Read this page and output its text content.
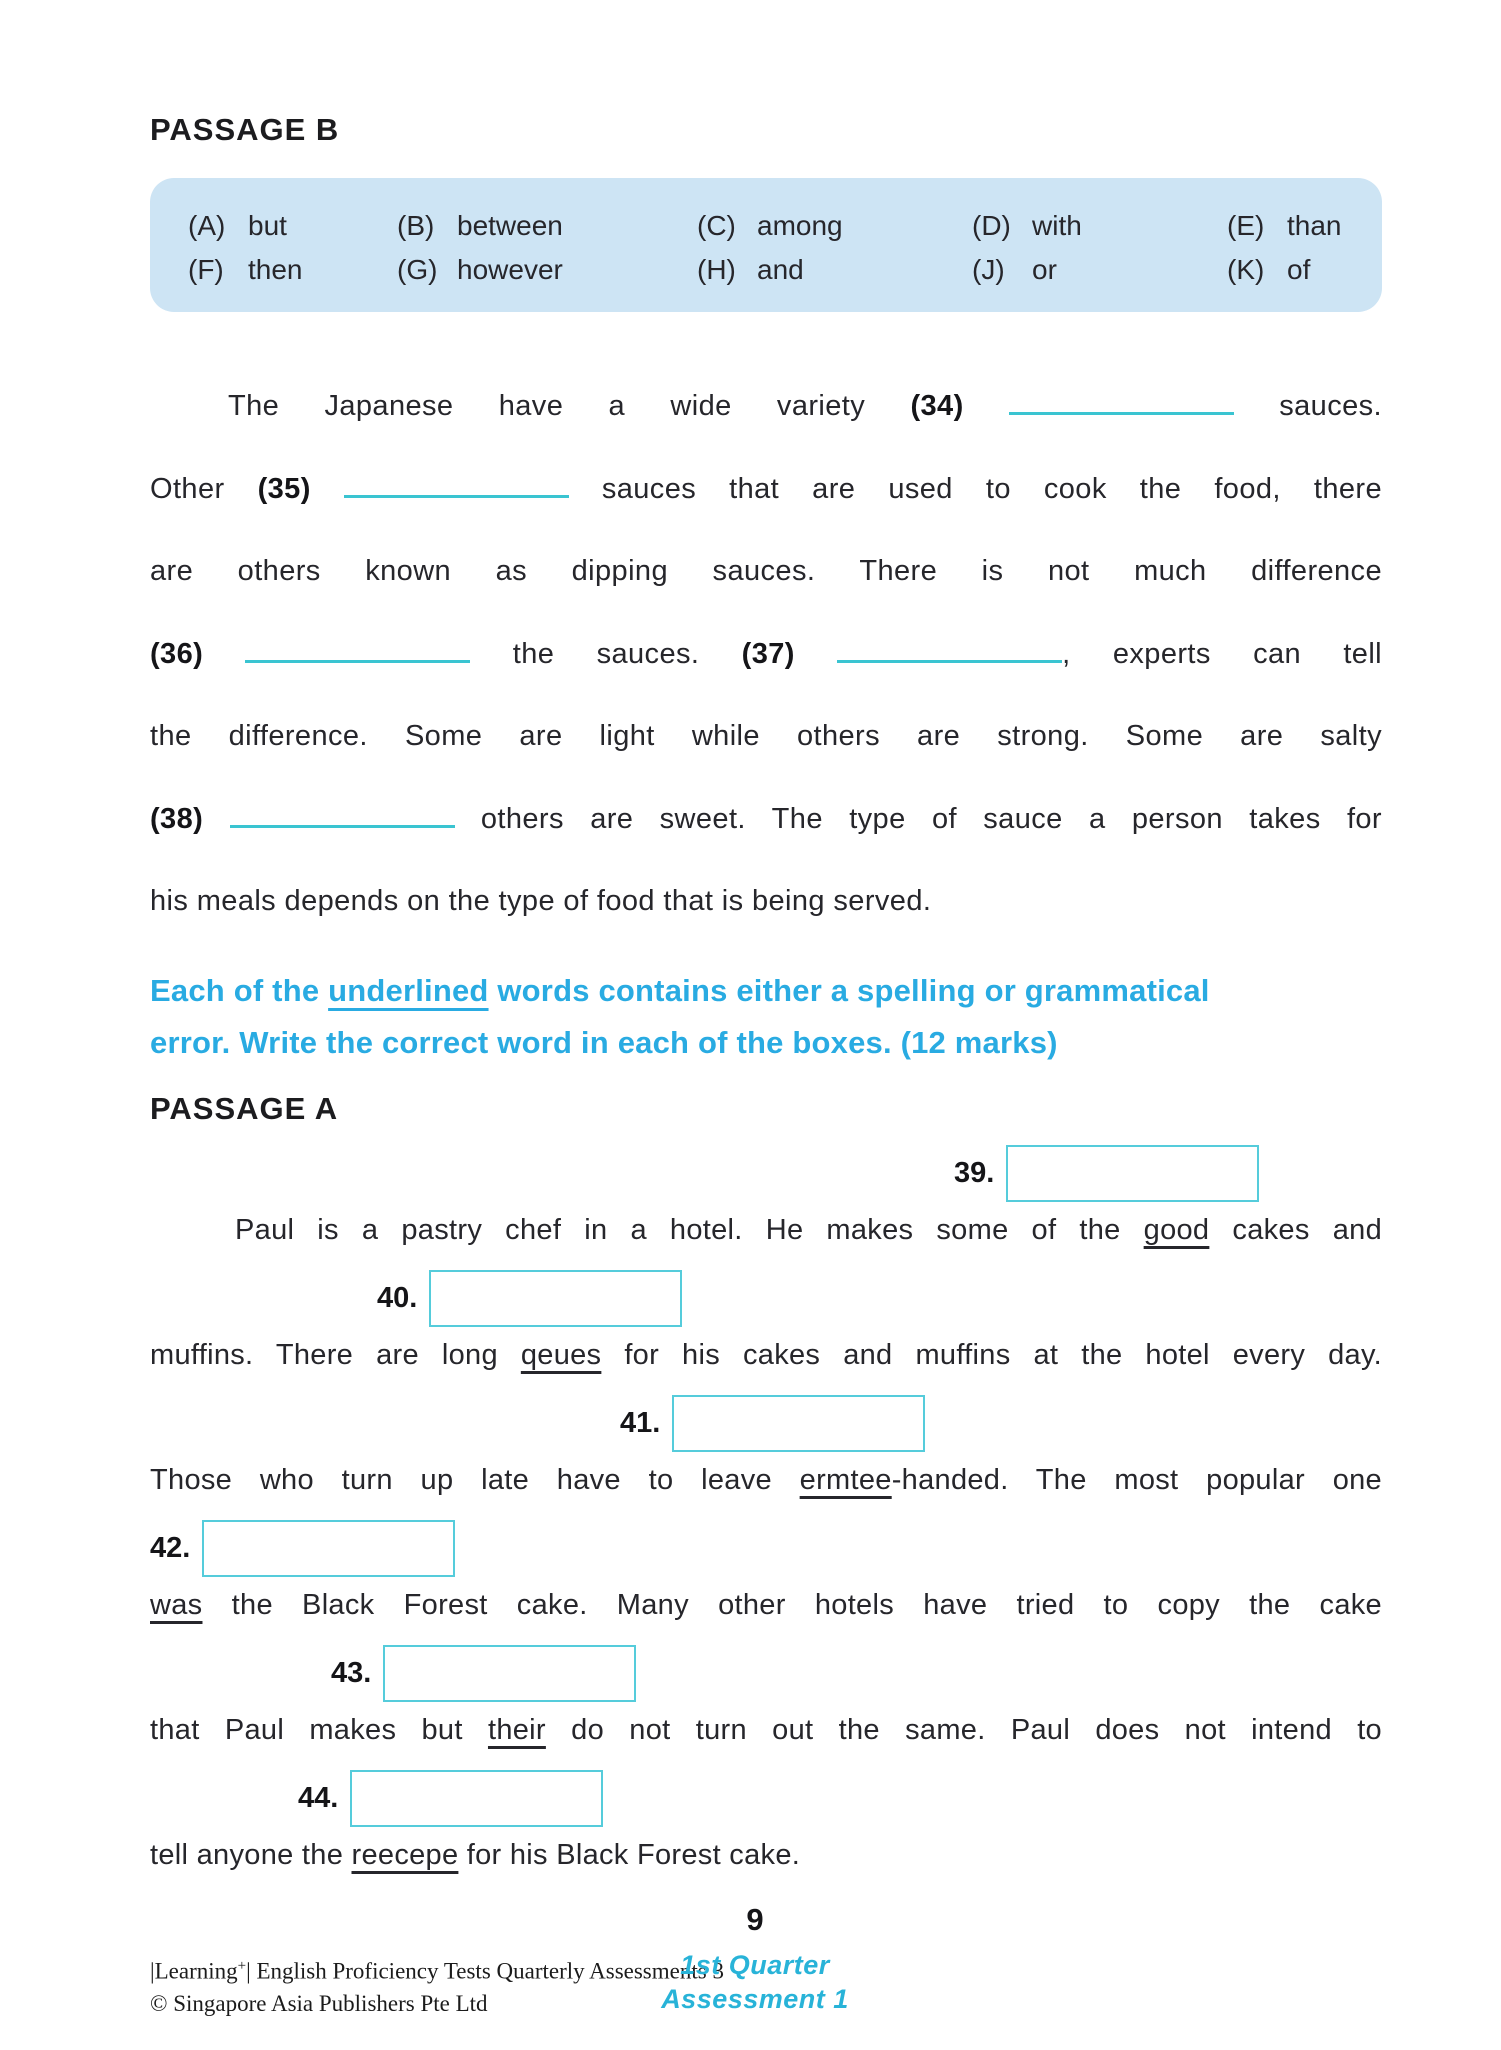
PASSAGE B
(A) but	(B) between	(C) among	(D) with	(E) than
(F) then	(G) however	(H) and	(J) or	(K) of
The Japanese have a wide variety (34)	sauces.
Other (35)	sauces that are used to cook the food, there
are others known as dipping sauces. There is not much difference
(36)	the sauces. (37)	, experts can tell
the difference. Some are light while others are strong. Some are salty
(38)	others are sweet. The type of sauce a person takes for
his meals depends on the type of food that is being served.
Each of the underlined words contains either a spelling or grammatical
error. Write the correct word in each of the boxes. (12 marks)
PASSAGE A
39.
Paul is a pastry chef in a hotel. He makes some of the good cakes and
40.
muffins. There are long qeues for his cakes and muffins at the hotel every day.
41.
Those who turn up late have to leave ermtee-handed. The most popular one
42.
was the Black Forest cake. Many other hotels have tried to copy the cake
43.
that Paul makes but their do not turn out the same. Paul does not intend to
44.
tell anyone the reecepe for his Black Forest cake.
|Learning+| English Proficiency Tests Quarterly Assessments 3
© Singapore Asia Publishers Pte Ltd
9
1st Quarter
Assessment 1
